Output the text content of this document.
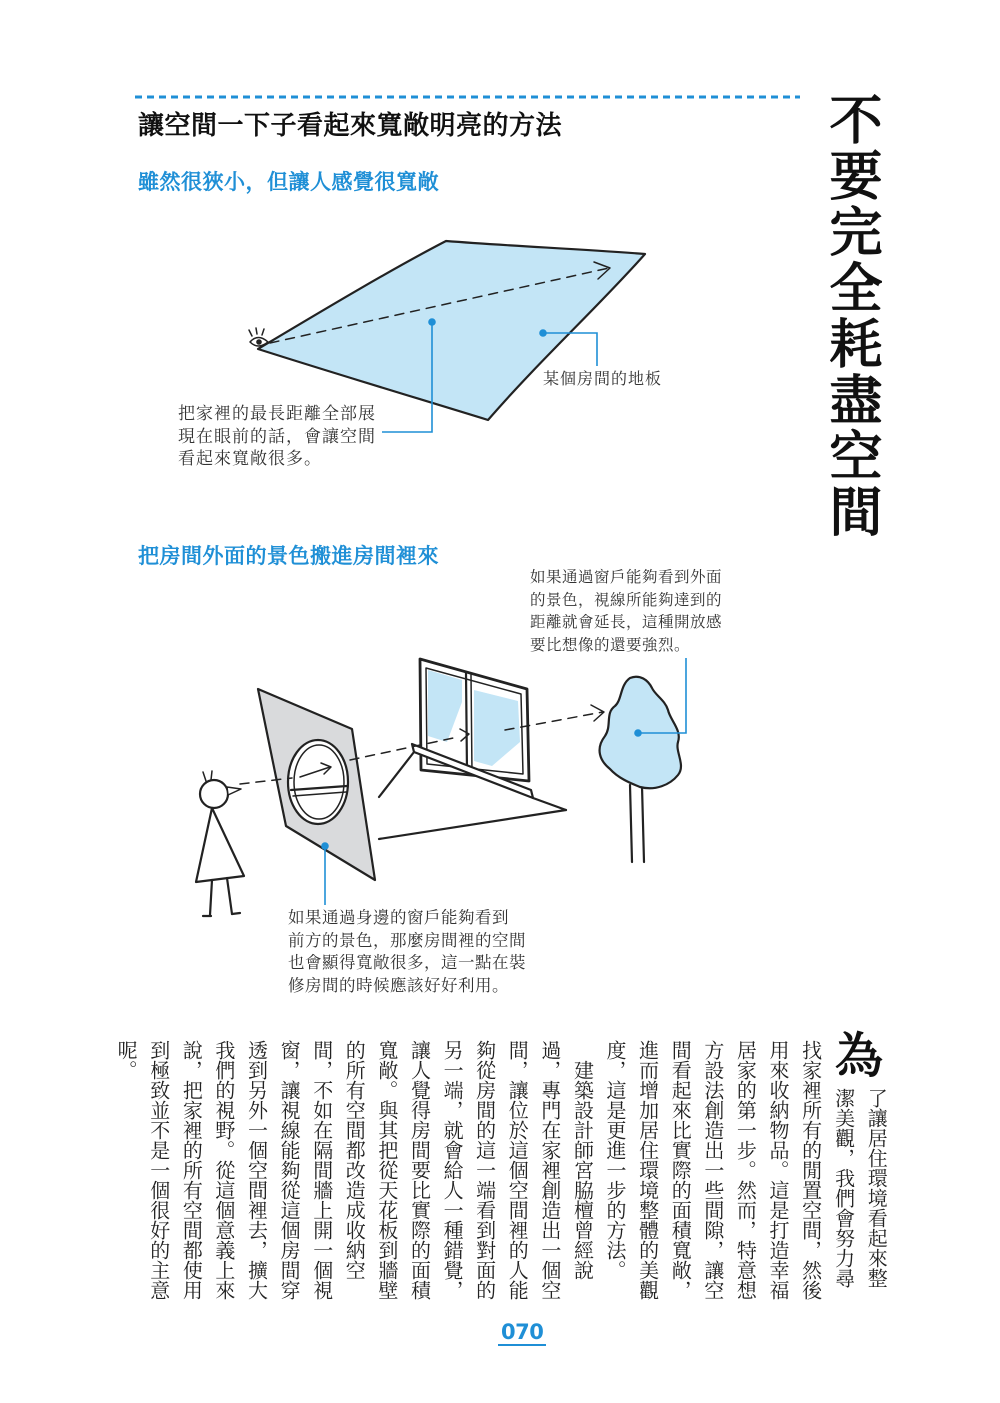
讓空間一下子看起來寬敞明亮的方法	不要完全耗盡空間
雖然很狹小，但讓人感覺很寬敞
某個房間的地板
把家裡的最長距離全部展
現在眼前的話，會讓空間
看起來寬敞很多。
把房間外面的景色搬進房間裡來
如果通過窗戶能夠看到外面
的景色，視線所能夠達到的
距離就會延長，這種開放感
要比想像的還要強烈。
如果通過身邊的窗戶能夠看到
前方的景色，那麼房間裡的空間
也會顯得寬敞很多，這一點在裝
修房間的時候應該好好利用。
為
了讓居住環境看起來整
潔美觀，我們會努力尋
找家裡所有的閒置空間，然後
用來收納物品。這是打造幸福
居家的第一步。然而，特意想
方設法創造出一些間隙，讓空
間看起來比實際的面積寬敞，
進而增加居住環境整體的美觀
度，這是更進一步的方法。
　建築設計師宮脇檀曾經說
過，專門在家裡創造出一個空
間，讓位於這個空間裡的人能
夠從房間的這一端看到對面的
另一端，就會給人一種錯覺，
讓人覺得房間要比實際的面積
寬敞。與其把從天花板到牆壁
的所有空間都改造成收納空
間，不如在隔間牆上開一個視
窗，讓視線能夠從這個房間穿
透到另外一個空間裡去，擴大
我們的視野。從這個意義上來
說，把家裡的所有空間都使用
到極致並不是一個很好的主意
呢。
070
